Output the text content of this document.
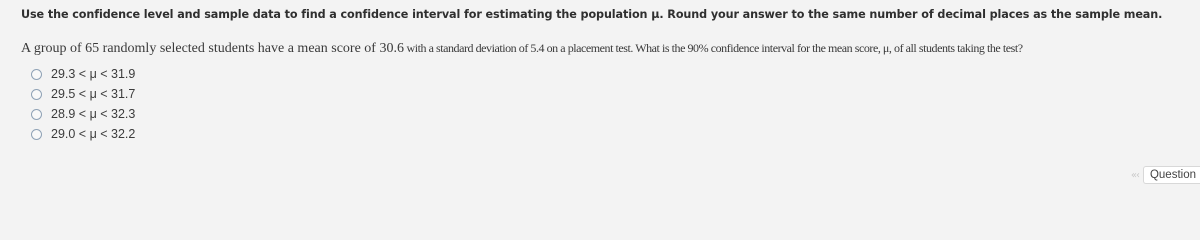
Use the confidence level and sample data to find a confidence interval for estimating the population μ. Round your answer to the same number of decimal places as the sample mean.
A group of 65 randomly selected students have a mean score of 30.6 with a standard deviation of 5.4 on a placement test. What is the 90% confidence interval for the mean score, μ, of all students taking the test?
29.3 < μ < 31.9
29.5 < μ < 31.7
28.9 < μ < 32.3
29.0 < μ < 32.2
«‹ Question
